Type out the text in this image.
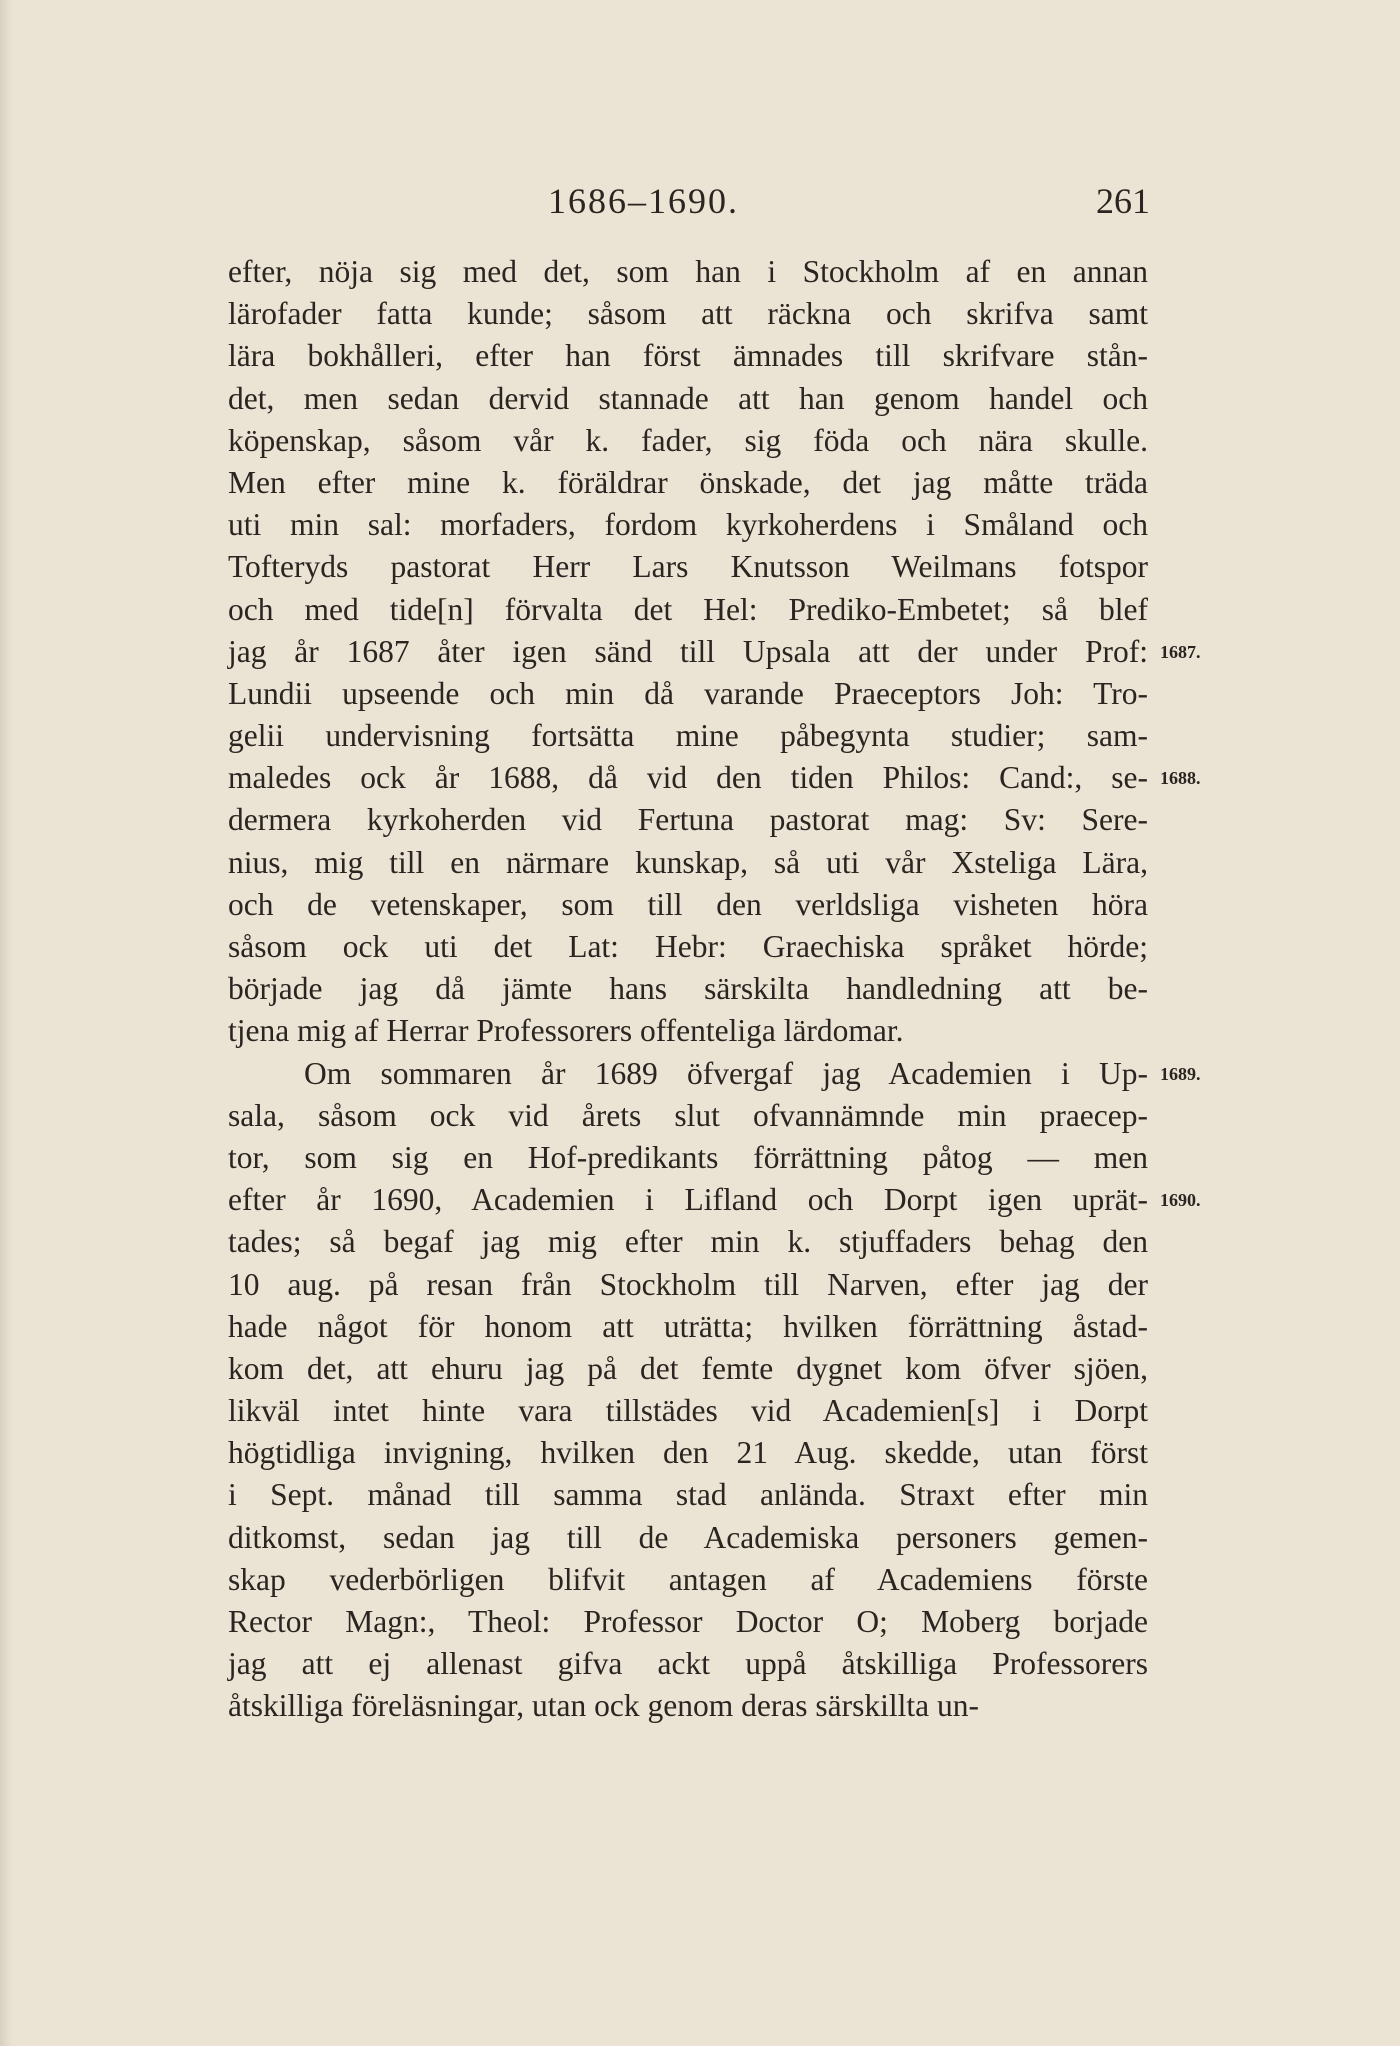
1686–1690.	261
efter, nöja sig med det, som han i Stockholm af en annan
lärofader fatta kunde; såsom att räckna och skrifva samt
lära bokhålleri, efter han först ämnades till skrifvare stån-
det, men sedan dervid stannade att han genom handel och
köpenskap, såsom vår k. fader, sig föda och nära skulle.
Men efter mine k. föräldrar önskade, det jag måtte träda
uti min sal: morfaders, fordom kyrkoherdens i Småland och
Tofteryds pastorat Herr Lars Knutsson Weilmans fotspor
och med tide[n] förvalta det Hel: Prediko-Embetet; så blef
jag år 1687 åter igen sänd till Upsala att der under Prof: 1687.
Lundii upseende och min då varande Praeceptors Joh: Tro-
gelii undervisning fortsätta mine påbegynta studier; sam-
maledes ock år 1688, då vid den tiden Philos: Cand:, se- 1688.
dermera kyrkoherden vid Fertuna pastorat mag: Sv: Sere-
nius, mig till en närmare kunskap, så uti vår Xsteliga Lära,
och de vetenskaper, som till den verldsliga visheten höra
såsom ock uti det Lat: Hebr: Graechiska språket hörde;
började jag då jämte hans särskilta handledning att be-
tjena mig af Herrar Professorers offenteliga lärdomar.
Om sommaren år 1689 öfvergaf jag Academien i Up- 1689.
sala, såsom ock vid årets slut ofvannämnde min praecep-
tor, som sig en Hof-predikants förrättning påtog — men
efter år 1690, Academien i Lifland och Dorpt igen uprät- 1690.
tades; så begaf jag mig efter min k. stjuffaders behag den
10 aug. på resan från Stockholm till Narven, efter jag der
hade något för honom att uträtta; hvilken förrättning åstad-
kom det, att ehuru jag på det femte dygnet kom öfver sjöen,
likväl intet hinte vara tillstädes vid Academien[s] i Dorpt
högtidliga invigning, hvilken den 21 Aug. skedde, utan först
i Sept. månad till samma stad anlända. Straxt efter min
ditkomst, sedan jag till de Academiska personers gemen-
skap vederbörligen blifvit antagen af Academiens förste
Rector Magn:, Theol: Professor Doctor O; Moberg borjade
jag att ej allenast gifva ackt uppå åtskilliga Professorers
åtskilliga föreläsningar, utan ock genom deras särskillta un-
